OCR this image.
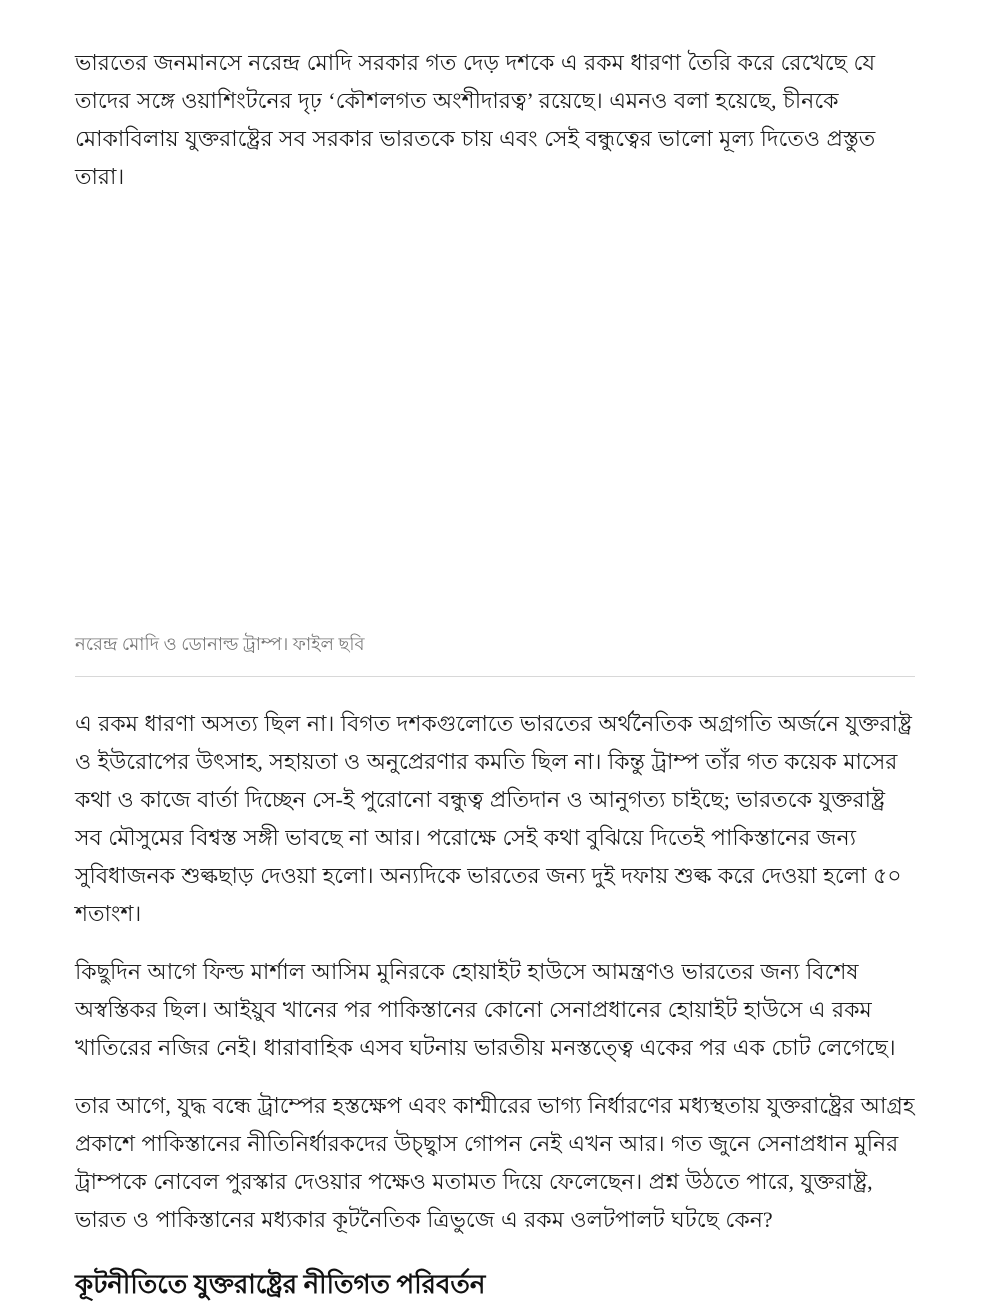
ভারতের জনমানসে নরেন্দ্র মোদি সরকার গত দেড় দশকে এ রকম ধারণা তৈরি করে রেখেছে যে তাদের সঙ্গে ওয়াশিংটনের দৃঢ় ‘কৌশলগত অংশীদারত্ব’ রয়েছে। এমনও বলা হয়েছে, চীনকে মোকাবিলায় যুক্তরাষ্ট্রের সব সরকার ভারতকে চায় এবং সেই বন্ধুত্বের ভালো মূল্য দিতেও প্রস্তুত তারা।

নরেন্দ্র মোদি ও ডোনাল্ড ট্রাম্প। ফাইল ছবি

এ রকম ধারণা অসত্য ছিল না। বিগত দশকগুলোতে ভারতের অর্থনৈতিক অগ্রগতি অর্জনে যুক্তরাষ্ট্র ও ইউরোপের উৎসাহ, সহায়তা ও অনুপ্রেরণার কমতি ছিল না। কিন্তু ট্রাম্প তাঁর গত কয়েক মাসের কথা ও কাজে বার্তা দিচ্ছেন সে-ই পুরোনো বন্ধুত্ব প্রতিদান ও আনুগত্য চাইছে; ভারতকে যুক্তরাষ্ট্র সব মৌসুমের বিশ্বস্ত সঙ্গী ভাবছে না আর। পরোক্ষে সেই কথা বুঝিয়ে দিতেই পাকিস্তানের জন্য সুবিধাজনক শুল্কছাড় দেওয়া হলো। অন্যদিকে ভারতের জন্য দুই দফায় শুল্ক করে দেওয়া হলো ৫০ শতাংশ।

কিছুদিন আগে ফিল্ড মার্শাল আসিম মুনিরকে হোয়াইট হাউসে আমন্ত্রণও ভারতের জন্য বিশেষ অস্বস্তিকর ছিল। আইয়ুব খানের পর পাকিস্তানের কোনো সেনাপ্রধানের হোয়াইট হাউসে এ রকম খাতিরের নজির নেই। ধারাবাহিক এসব ঘটনায় ভারতীয় মনস্তত্ত্বে একের পর এক চোট লেগেছে।

তার আগে, যুদ্ধ বন্ধে ট্রাম্পের হস্তক্ষেপ এবং কাশ্মীরের ভাগ্য নির্ধারণের মধ্যস্থতায় যুক্তরাষ্ট্রের আগ্রহ প্রকাশে পাকিস্তানের নীতিনির্ধারকদের উচ্ছ্বাস গোপন নেই এখন আর। গত জুনে সেনাপ্রধান মুনির ট্রাম্পকে নোবেল পুরস্কার দেওয়ার পক্ষেও মতামত দিয়ে ফেলেছেন। প্রশ্ন উঠতে পারে, যুক্তরাষ্ট্র, ভারত ও পাকিস্তানের মধ্যকার কূটনৈতিক ত্রিভুজে এ রকম ওলটপালট ঘটছে কেন?

কূটনীতিতে যুক্তরাষ্ট্রের নীতিগত পরিবর্তন
